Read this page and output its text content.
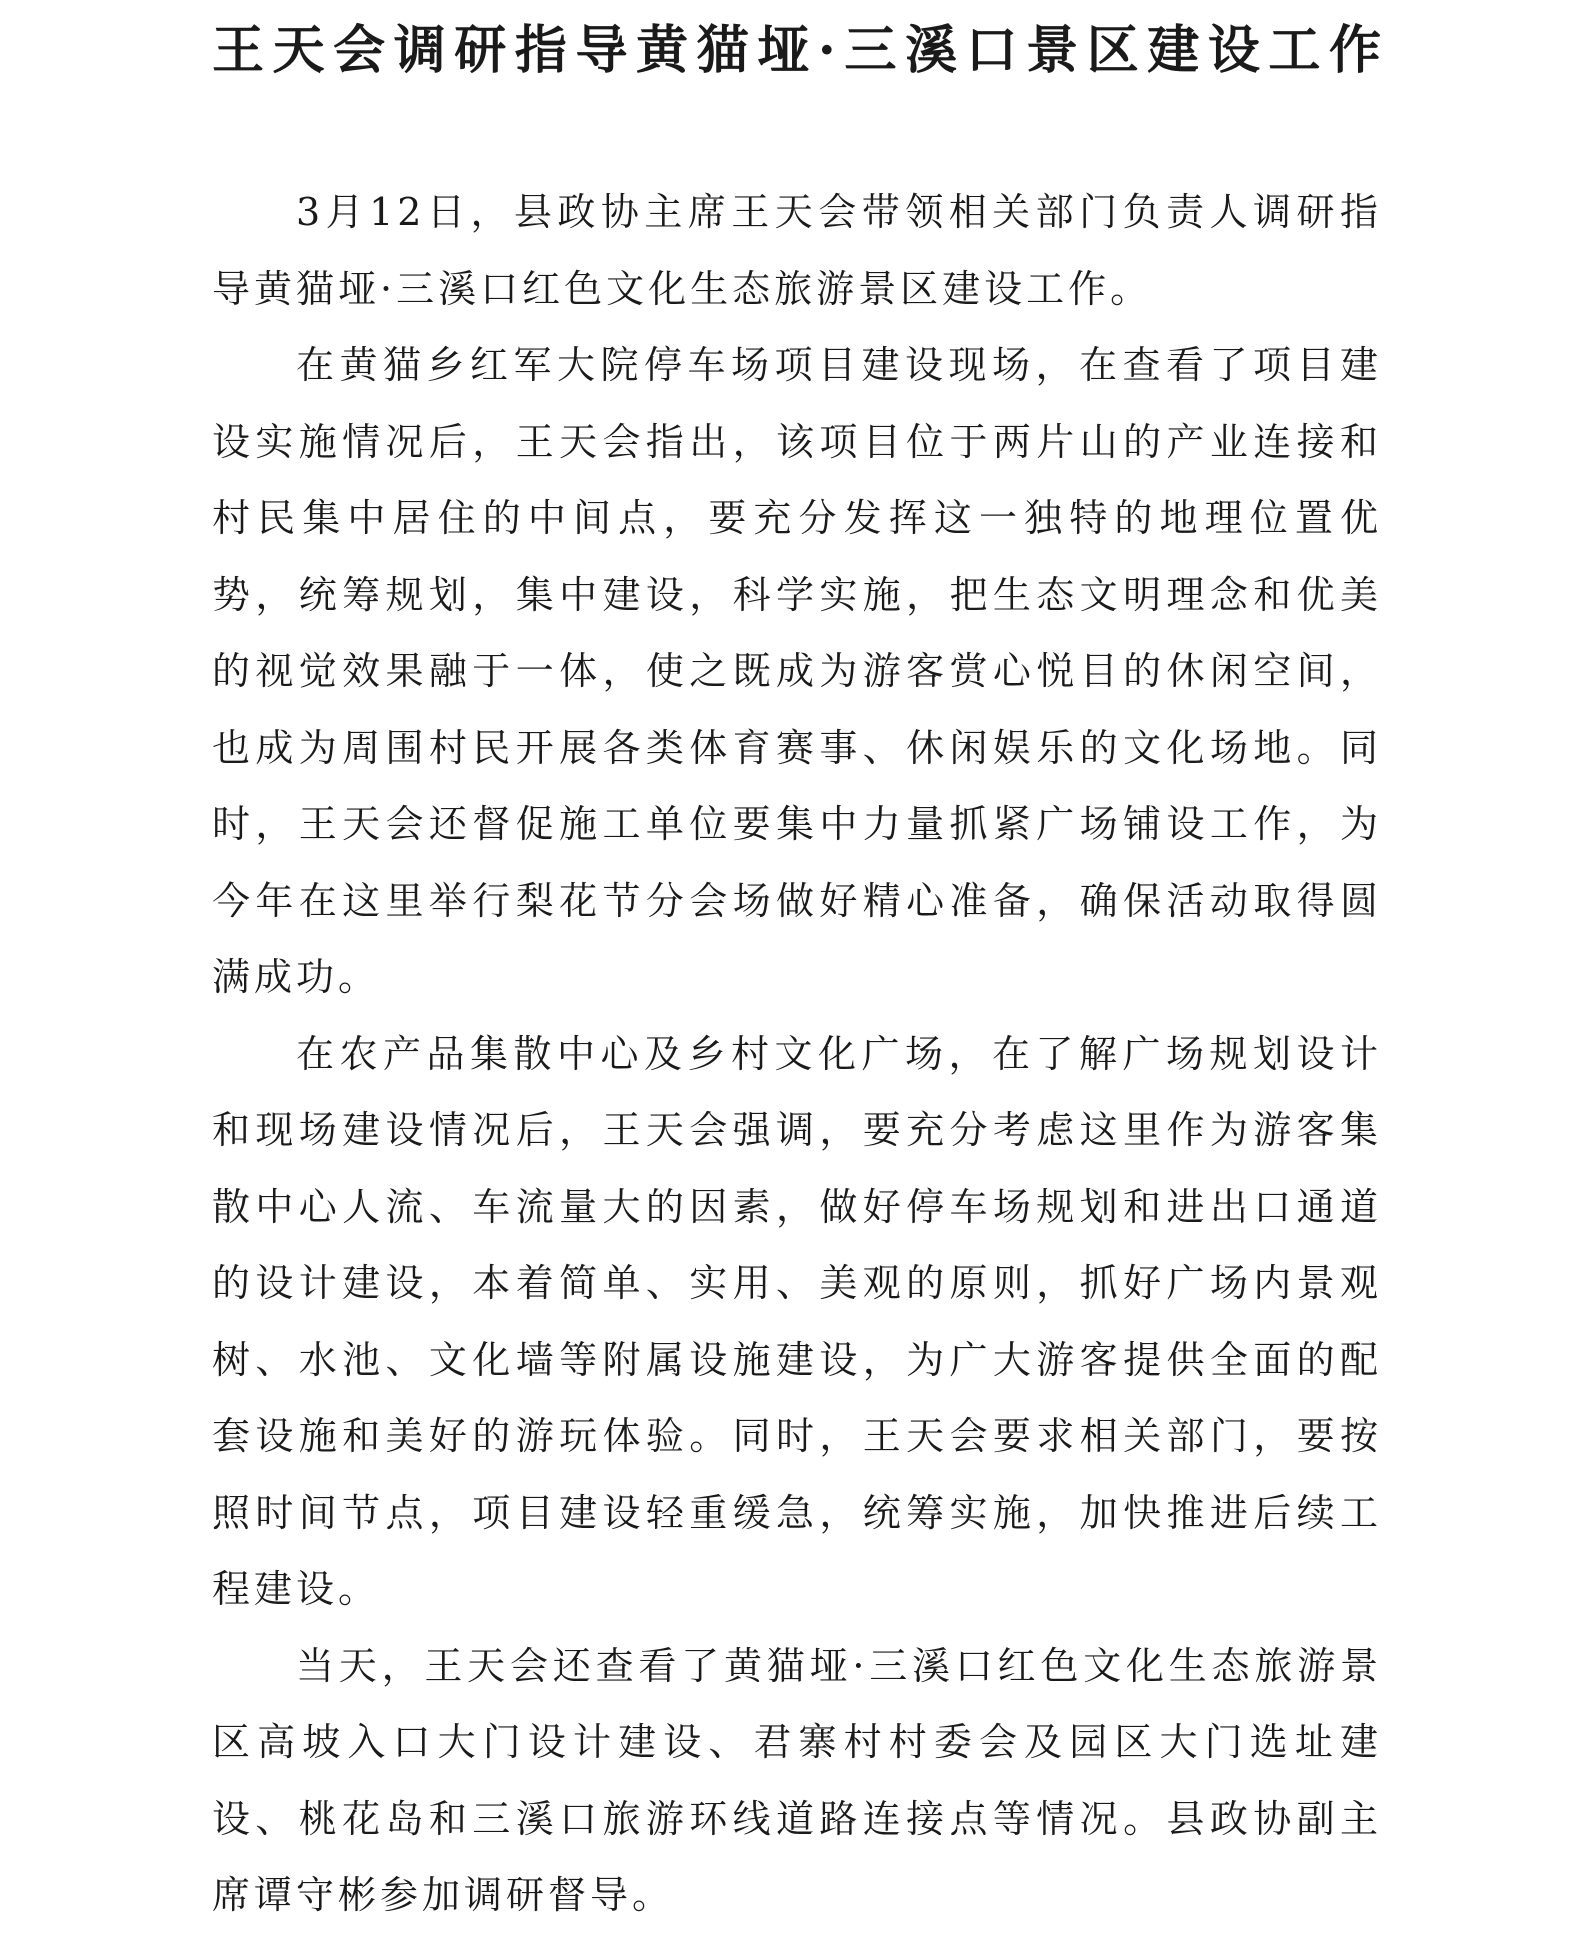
王天会调研指导黄猫垭·三溪口景区建设工作

3月12日，县政协主席王天会带领相关部门负责人调研指导黄猫垭·三溪口红色文化生态旅游景区建设工作。

在黄猫乡红军大院停车场项目建设现场，在查看了项目建设实施情况后，王天会指出，该项目位于两片山的产业连接和村民集中居住的中间点，要充分发挥这一独特的地理位置优势，统筹规划，集中建设，科学实施，把生态文明理念和优美的视觉效果融于一体，使之既成为游客赏心悦目的休闲空间，也成为周围村民开展各类体育赛事、休闲娱乐的文化场地。同时，王天会还督促施工单位要集中力量抓紧广场铺设工作，为今年在这里举行梨花节分会场做好精心准备，确保活动取得圆满成功。

在农产品集散中心及乡村文化广场，在了解广场规划设计和现场建设情况后，王天会强调，要充分考虑这里作为游客集散中心人流、车流量大的因素，做好停车场规划和进出口通道的设计建设，本着简单、实用、美观的原则，抓好广场内景观树、水池、文化墙等附属设施建设，为广大游客提供全面的配套设施和美好的游玩体验。同时，王天会要求相关部门，要按照时间节点，项目建设轻重缓急，统筹实施，加快推进后续工程建设。

当天，王天会还查看了黄猫垭·三溪口红色文化生态旅游景区高坡入口大门设计建设、君寨村村委会及园区大门选址建设、桃花岛和三溪口旅游环线道路连接点等情况。县政协副主席谭守彬参加调研督导。
